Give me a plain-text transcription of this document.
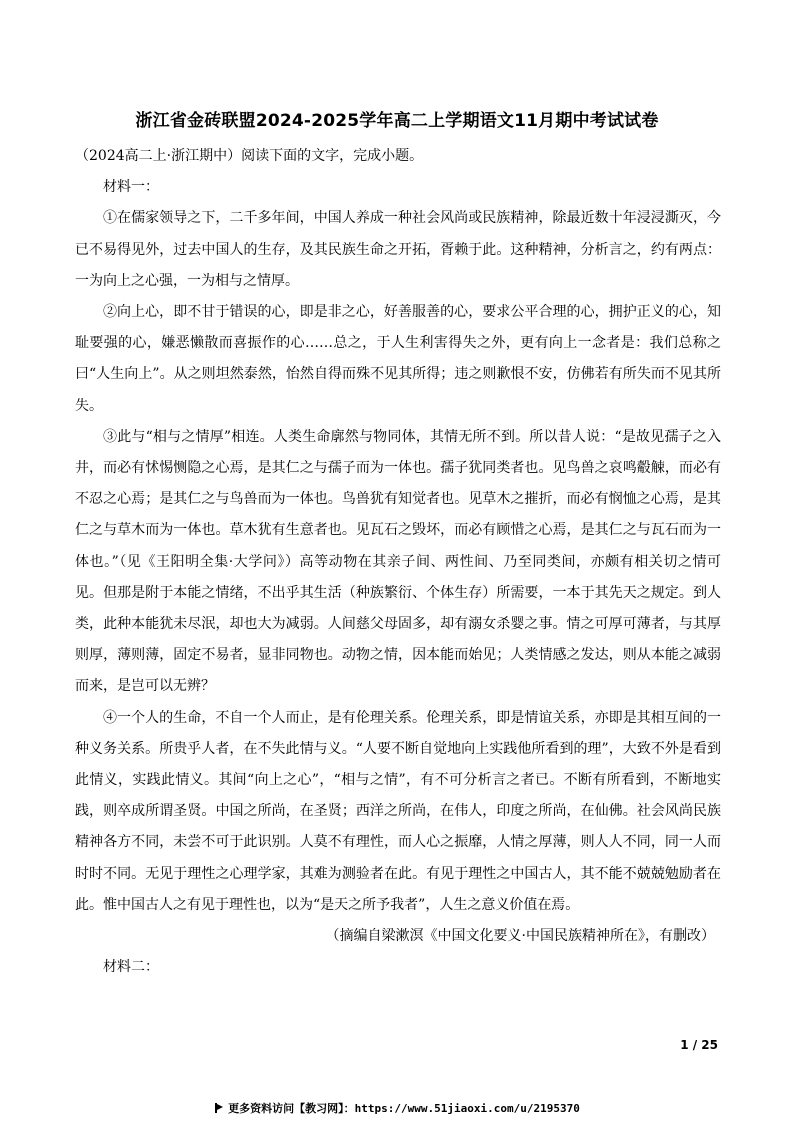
浙江省金砖联盟2024-2025学年高二上学期语文11月期中考试试卷

（2024高二上·浙江期中）阅读下面的文字，完成小题。

材料一：

①在儒家领导之下，二千多年间，中国人养成一种社会风尚或民族精神，除最近数十年浸浸澌灭，今已不易得见外，过去中国人的生存，及其民族生命之开拓，胥赖于此。这种精神，分析言之，约有两点：一为向上之心强，一为相与之情厚。

②向上心，即不甘于错误的心，即是非之心，好善服善的心，要求公平合理的心，拥护正义的心，知耻要强的心，嫌恶懒散而喜振作的心……总之，于人生利害得失之外，更有向上一念者是：我们总称之曰“人生向上”。从之则坦然泰然，怡然自得而殊不见其所得；违之则歉恨不安，仿佛若有所失而不见其所失。

③此与“相与之情厚”相连。人类生命廓然与物同体，其情无所不到。所以昔人说：“是故见孺子之入井，而必有怵惕恻隐之心焉，是其仁之与孺子而为一体也。孺子犹同类者也。见鸟兽之哀鸣觳觫，而必有不忍之心焉；是其仁之与鸟兽而为一体也。鸟兽犹有知觉者也。见草木之摧折，而必有悯恤之心焉，是其仁之与草木而为一体也。草木犹有生意者也。见瓦石之毁坏，而必有顾惜之心焉，是其仁之与瓦石而为一体也。”（见《王阳明全集·大学问》）高等动物在其亲子间、两性间、乃至同类间，亦颇有相关切之情可见。但那是附于本能之情绪，不出乎其生活（种族繁衍、个体生存）所需要，一本于其先天之规定。到人类，此种本能犹未尽泯，却也大为减弱。人间慈父母固多，却有溺女杀婴之事。情之可厚可薄者，与其厚则厚，薄则薄，固定不易者，显非同物也。动物之情，因本能而始见；人类情感之发达，则从本能之减弱而来，是岂可以无辨？

④一个人的生命，不自一个人而止，是有伦理关系。伦理关系，即是情谊关系，亦即是其相互间的一种义务关系。所贵乎人者，在不失此情与义。“人要不断自觉地向上实践他所看到的理”，大致不外是看到此情义，实践此情义。其间“向上之心”，“相与之情”，有不可分析言之者已。不断有所看到，不断地实践，则卒成所谓圣贤。中国之所尚，在圣贤；西洋之所尚，在伟人，印度之所尚，在仙佛。社会风尚民族精神各方不同，未尝不可于此识别。人莫不有理性，而人心之振靡，人情之厚薄，则人人不同，同一人而时时不同。无见于理性之心理学家，其难为测验者在此。有见于理性之中国古人，其不能不兢兢勉励者在此。惟中国古人之有见于理性也，以为“是天之所予我者”，人生之意义价值在焉。

（摘编自梁漱溟《中国文化要义·中国民族精神所在》，有删改）

材料二：

1 / 25
更多资料访问【教习网】：https://www.51jiaoxi.com/u/2195370
